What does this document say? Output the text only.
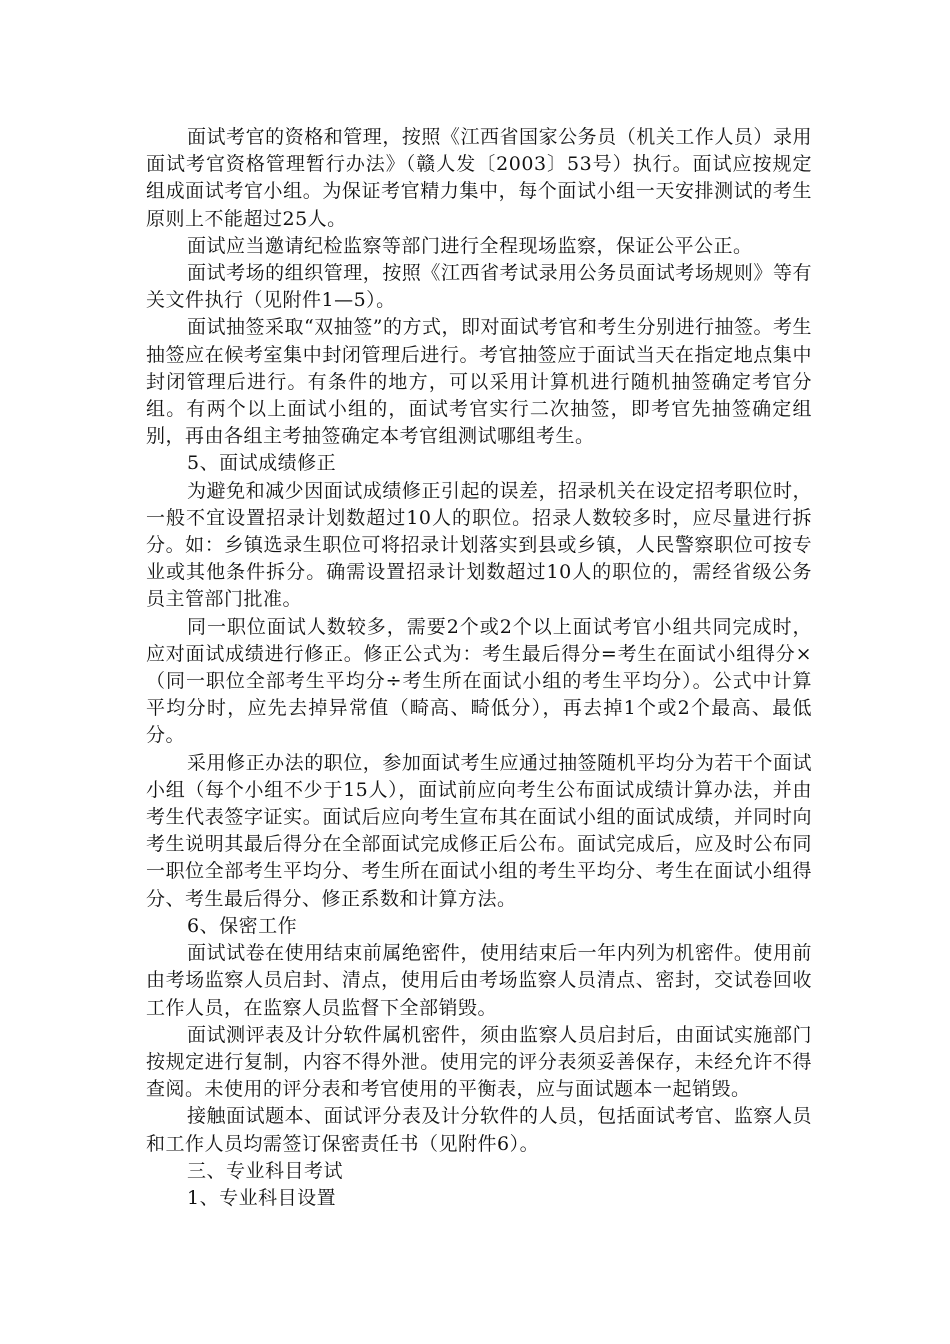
面试考官的资格和管理，按照《江西省国家公务员（机关工作人员）录用面试考官资格管理暂行办法》（赣人发〔2003〕53号）执行。面试应按规定组成面试考官小组。为保证考官精力集中，每个面试小组一天安排测试的考生原则上不能超过25人。

面试应当邀请纪检监察等部门进行全程现场监察，保证公平公正。

面试考场的组织管理，按照《江西省考试录用公务员面试考场规则》等有关文件执行（见附件1—5）。

面试抽签采取“双抽签”的方式，即对面试考官和考生分别进行抽签。考生抽签应在候考室集中封闭管理后进行。考官抽签应于面试当天在指定地点集中封闭管理后进行。有条件的地方，可以采用计算机进行随机抽签确定考官分组。有两个以上面试小组的，面试考官实行二次抽签，即考官先抽签确定组别，再由各组主考抽签确定本考官组测试哪组考生。

5、面试成绩修正

为避免和减少因面试成绩修正引起的误差，招录机关在设定招考职位时，一般不宜设置招录计划数超过10人的职位。招录人数较多时，应尽量进行拆分。如：乡镇选录生职位可将招录计划落实到县或乡镇，人民警察职位可按专业或其他条件拆分。确需设置招录计划数超过10人的职位的，需经省级公务员主管部门批准。

同一职位面试人数较多，需要2个或2个以上面试考官小组共同完成时，应对面试成绩进行修正。修正公式为：考生最后得分=考生在面试小组得分×（同一职位全部考生平均分÷考生所在面试小组的考生平均分）。公式中计算平均分时，应先去掉异常值（畸高、畸低分），再去掉1个或2个最高、最低分。

采用修正办法的职位，参加面试考生应通过抽签随机平均分为若干个面试小组（每个小组不少于15人），面试前应向考生公布面试成绩计算办法，并由考生代表签字证实。面试后应向考生宣布其在面试小组的面试成绩，并同时向考生说明其最后得分在全部面试完成修正后公布。面试完成后，应及时公布同一职位全部考生平均分、考生所在面试小组的考生平均分、考生在面试小组得分、考生最后得分、修正系数和计算方法。

6、保密工作

面试试卷在使用结束前属绝密件，使用结束后一年内列为机密件。使用前由考场监察人员启封、清点，使用后由考场监察人员清点、密封，交试卷回收工作人员，在监察人员监督下全部销毁。

面试测评表及计分软件属机密件，须由监察人员启封后，由面试实施部门按规定进行复制，内容不得外泄。使用完的评分表须妥善保存，未经允许不得查阅。未使用的评分表和考官使用的平衡表，应与面试题本一起销毁。

接触面试题本、面试评分表及计分软件的人员，包括面试考官、监察人员和工作人员均需签订保密责任书（见附件6）。

三、专业科目考试

1、专业科目设置
